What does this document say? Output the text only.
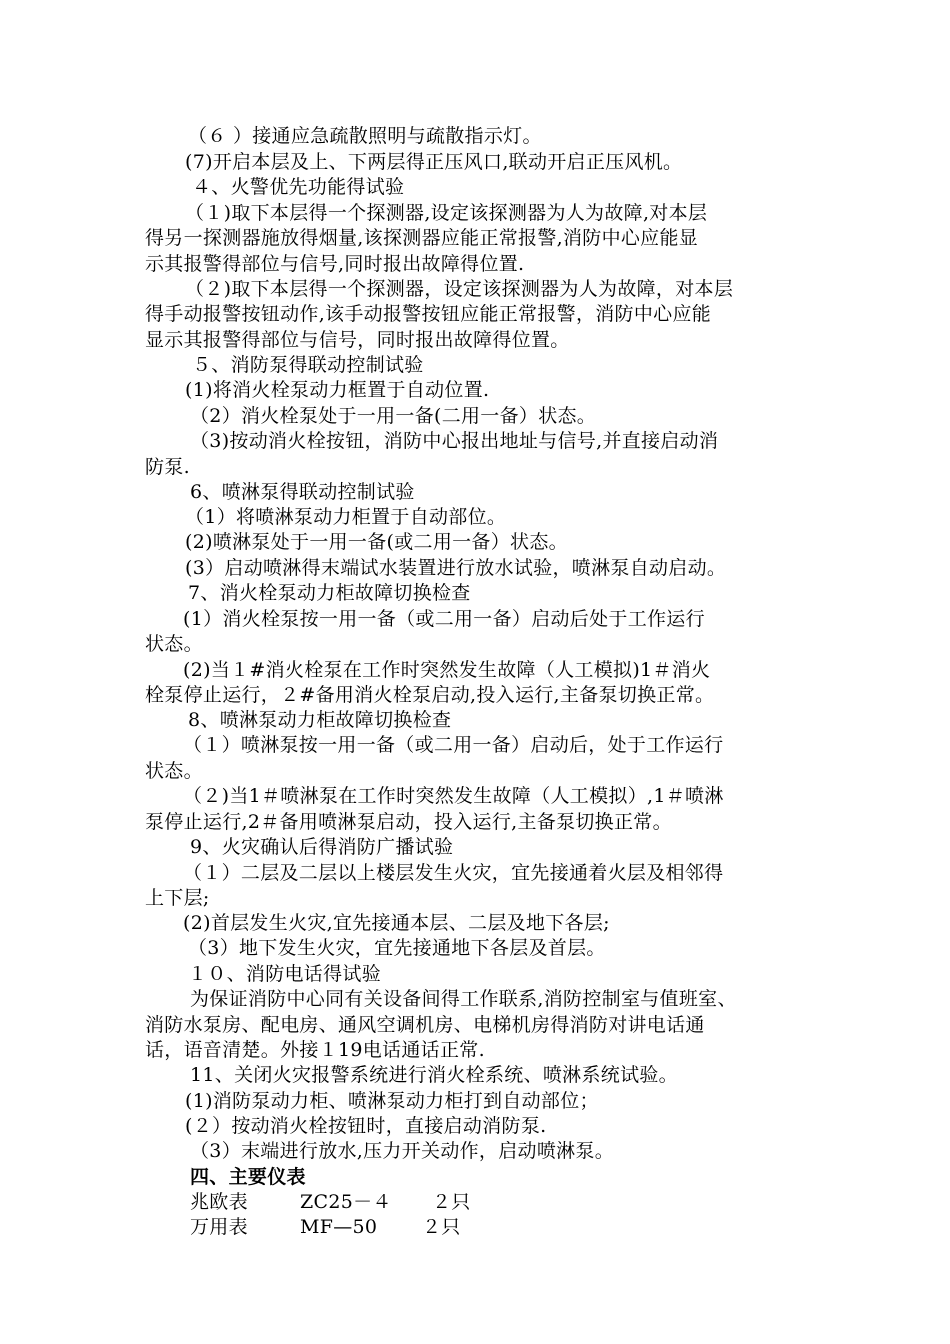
（６ ）接通应急疏散照明与疏散指示灯。
(7)开启本层及上、下两层得正压风口,联动开启正压风机。
４、火警优先功能得试验
（１)取下本层得一个探测器,设定该探测器为人为故障,对本层
得另一探测器施放得烟量,该探测器应能正常报警,消防中心应能显
示其报警得部位与信号,同时报出故障得位置.
（２)取下本层得一个探测器，设定该探测器为人为故障，对本层
得手动报警按钮动作,该手动报警按钮应能正常报警，消防中心应能
显示其报警得部位与信号，同时报出故障得位置。
５、消防泵得联动控制试验
(1)将消火栓泵动力框置于自动位置.
（2）消火栓泵处于一用一备(二用一备）状态。
（3)按动消火栓按钮，消防中心报出地址与信号,并直接启动消
防泵.
6、喷淋泵得联动控制试验
（1）将喷淋泵动力柜置于自动部位。
(2)喷淋泵处于一用一备(或二用一备）状态。
(3）启动喷淋得末端试水装置进行放水试验，喷淋泵自动启动。
7、消火栓泵动力柜故障切换检查
(1）消火栓泵按一用一备（或二用一备）启动后处于工作运行
状态。
(2)当１#消火栓泵在工作时突然发生故障（人工模拟)1＃消火
栓泵停止运行，２#备用消火栓泵启动,投入运行,主备泵切换正常。
8、喷淋泵动力柜故障切换检查
（１）喷淋泵按一用一备（或二用一备）启动后，处于工作运行
状态。
（２)当1＃喷淋泵在工作时突然发生故障（人工模拟）,1＃喷淋
泵停止运行,2＃备用喷淋泵启动，投入运行,主备泵切换正常。
9、火灾确认后得消防广播试验
（１）二层及二层以上楼层发生火灾，宜先接通着火层及相邻得
上下层;
(2)首层发生火灾,宜先接通本层、二层及地下各层;
（3）地下发生火灾，宜先接通地下各层及首层。
１０、消防电话得试验
为保证消防中心同有关设备间得工作联系,消防控制室与值班室、
消防水泵房、配电房、通风空调机房、电梯机房得消防对讲电话通
话，语音清楚。外接１19电话通话正常.
11、关闭火灾报警系统进行消火栓系统、喷淋系统试验。
(1)消防泵动力柜、喷淋泵动力柜打到自动部位；
(２）按动消火栓按钮时，直接启动消防泵.
（3）末端进行放水,压力开关动作，启动喷淋泵。
四、主要仪表
兆欧表	ZC25－４ ２只
万用表	MF—50 ２只
